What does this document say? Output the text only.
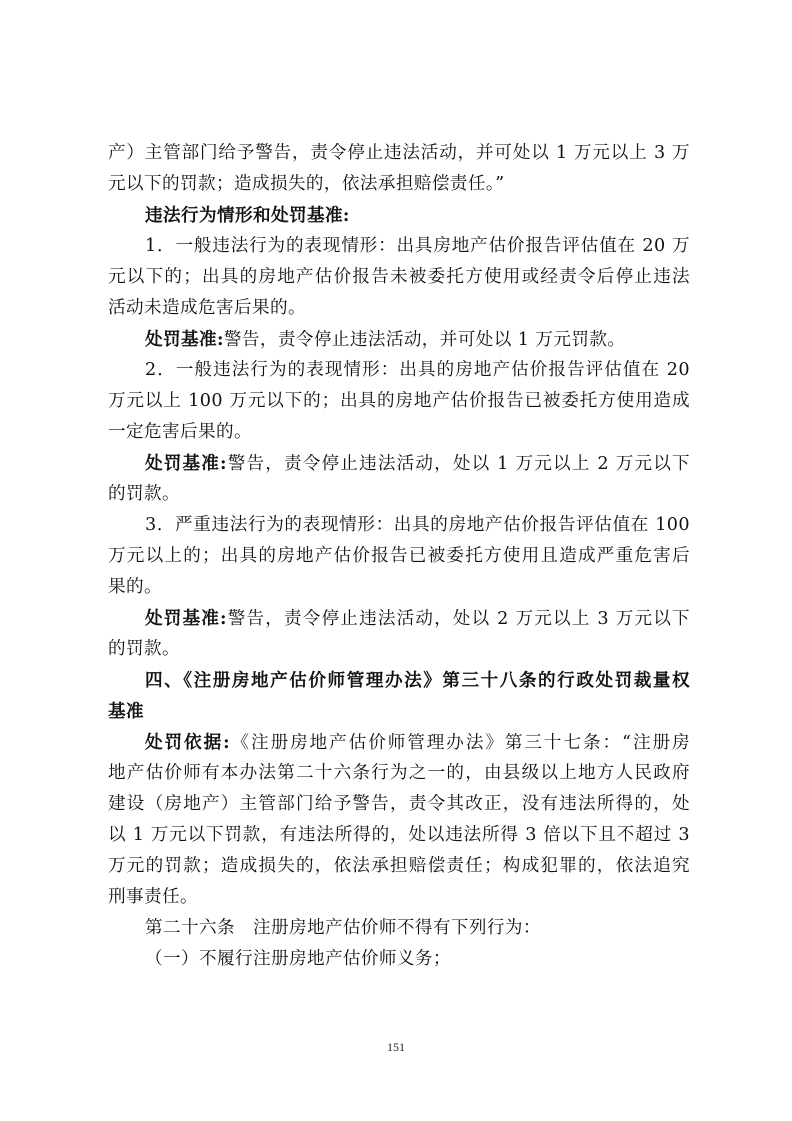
产）主管部门给予警告，责令停止违法活动，并可处以 1 万元以上 3 万
元以下的罚款；造成损失的，依法承担赔偿责任。”
违法行为情形和处罚基准:
1．一般违法行为的表现情形：出具房地产估价报告评估值在 20 万
元以下的；出具的房地产估价报告未被委托方使用或经责令后停止违法
活动未造成危害后果的。
处罚基准:警告，责令停止违法活动，并可处以 1 万元罚款。
2．一般违法行为的表现情形：出具的房地产估价报告评估值在 20
万元以上 100 万元以下的；出具的房地产估价报告已被委托方使用造成
一定危害后果的。
处罚基准:警告，责令停止违法活动，处以 1 万元以上 2 万元以下
的罚款。
3．严重违法行为的表现情形：出具的房地产估价报告评估值在 100
万元以上的；出具的房地产估价报告已被委托方使用且造成严重危害后
果的。
处罚基准:警告，责令停止违法活动，处以 2 万元以上 3 万元以下
的罚款。
四、《注册房地产估价师管理办法》第三十八条的行政处罚裁量权
基准
处罚依据:《注册房地产估价师管理办法》第三十七条：“注册房
地产估价师有本办法第二十六条行为之一的，由县级以上地方人民政府
建设（房地产）主管部门给予警告，责令其改正，没有违法所得的，处
以 1 万元以下罚款，有违法所得的，处以违法所得 3 倍以下且不超过 3
万元的罚款；造成损失的，依法承担赔偿责任；构成犯罪的，依法追究
刑事责任。
第二十六条　注册房地产估价师不得有下列行为：
（一）不履行注册房地产估价师义务；
151
